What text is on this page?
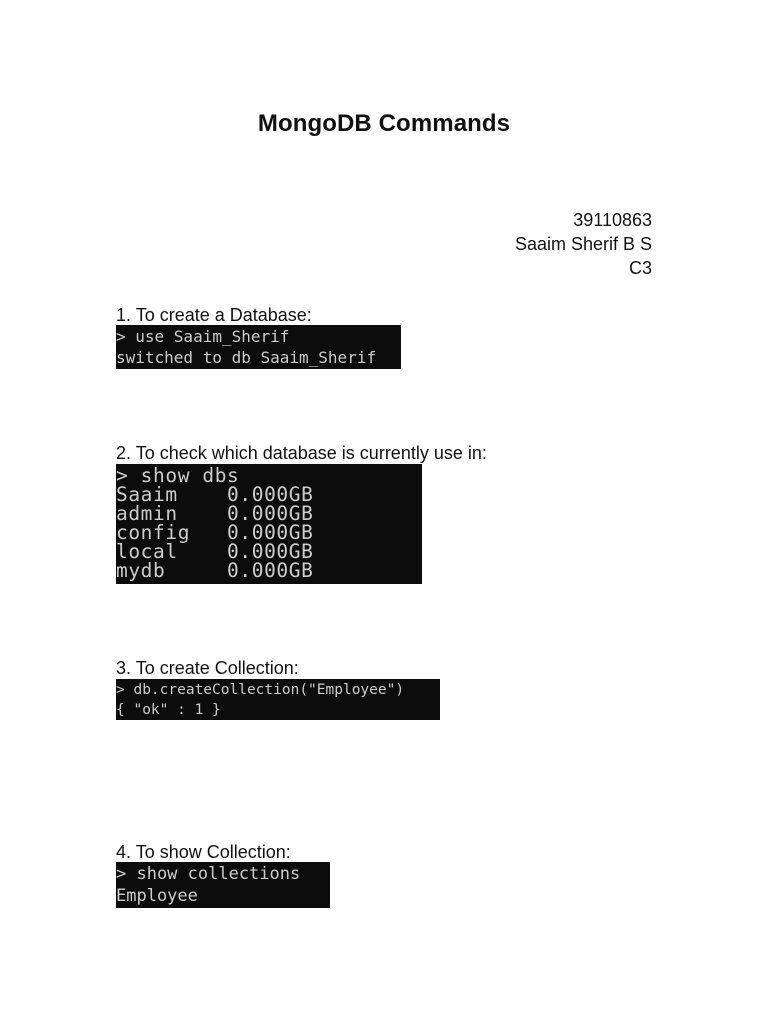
MongoDB Commands
39110863
Saaim Sherif B S
C3
1. To create a Database:
> use Saaim_Sherif
switched to db Saaim_Sherif
2. To check which database is currently use in:
> show dbs
Saaim    0.000GB
admin    0.000GB
config   0.000GB
local    0.000GB
mydb     0.000GB
3. To create Collection:
> db.createCollection("Employee")
{ "ok" : 1 }
4. To show Collection:
> show collections
Employee
